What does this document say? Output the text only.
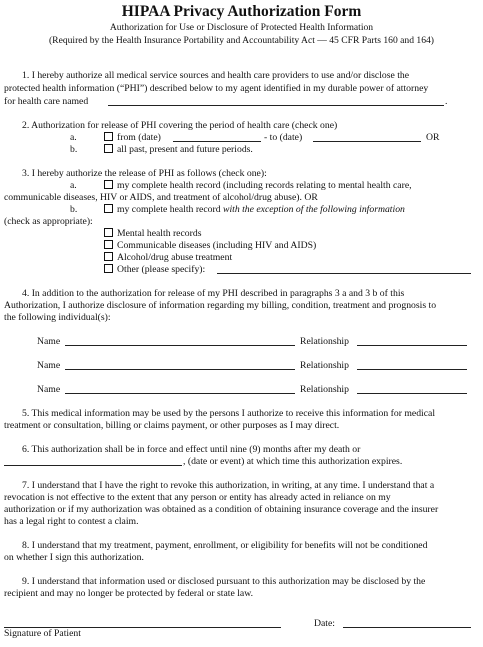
HIPAA Privacy Authorization Form
Authorization for Use or Disclosure of Protected Health Information
(Required by the Health Insurance Portability and Accountability Act — 45 CFR Parts 160 and 164)
1. I hereby authorize all medical service sources and health care providers to use and/or disclose the
protected health information (“PHI”) described below to my agent identified in my durable power of attorney
for health care named	.
2. Authorization for release of PHI covering the period of health care (check one)
a.	from (date)	- to (date)	OR
b.	all past, present and future periods.
3. I hereby authorize the release of PHI as follows (check one):
a.	my complete health record (including records relating to mental health care,
communicable diseases, HIV or AIDS, and treatment of alcohol/drug abuse). OR
b.	my complete health record with the exception of the following information
(check as appropriate):
Mental health records
Communicable diseases (including HIV and AIDS)
Alcohol/drug abuse treatment
Other (please specify):
4. In addition to the authorization for release of my PHI described in paragraphs 3 a and 3 b of this
Authorization, I authorize disclosure of information regarding my billing, condition, treatment and prognosis to
the following individual(s):
Name	Relationship
Name	Relationship
Name	Relationship
5. This medical information may be used by the persons I authorize to receive this information for medical
treatment or consultation, billing or claims payment, or other purposes as I may direct.
6. This authorization shall be in force and effect until nine (9) months after my death or
, (date or event) at which time this authorization expires.
7. I understand that I have the right to revoke this authorization, in writing, at any time. I understand that a
revocation is not effective to the extent that any person or entity has already acted in reliance on my
authorization or if my authorization was obtained as a condition of obtaining insurance coverage and the insurer
has a legal right to contest a claim.
8. I understand that my treatment, payment, enrollment, or eligibility for benefits will not be conditioned
on whether I sign this authorization.
9. I understand that information used or disclosed pursuant to this authorization may be disclosed by the
recipient and may no longer be protected by federal or state law.
Signature of Patient
Date:
